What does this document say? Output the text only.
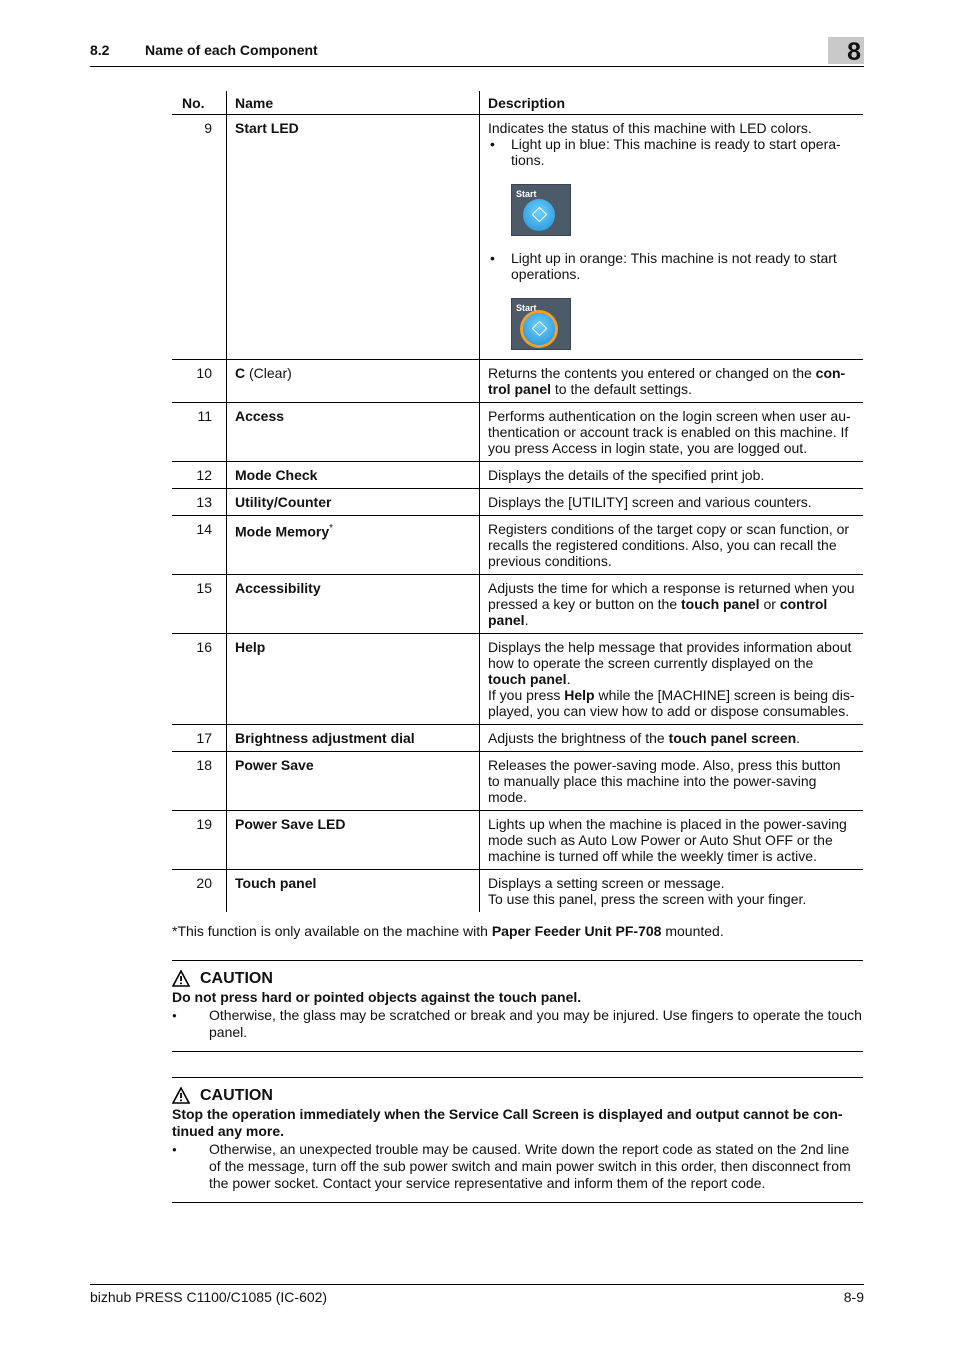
8.2	Name of each Component	8
No.	Name	Description
9	Start LED	Indicates the status of this machine with LED colors.
• Light up in blue: This machine is ready to start opera-tions.
Start
• Light up in orange: This machine is not ready to start operations.
Start

10	C (Clear)	Returns the contents you entered or changed on the con-trol panel to the default settings.
11	Access	Performs authentication on the login screen when user au-thentication or account track is enabled on this machine. If you press Access in login state, you are logged out.
12	Mode Check	Displays the details of the specified print job.
13	Utility/Counter	Displays the [UTILITY] screen and various counters.
14	Mode Memory*	Registers conditions of the target copy or scan function, or recalls the registered conditions. Also, you can recall the previous conditions.
15	Accessibility	Adjusts the time for which a response is returned when you pressed a key or button on the touch panel or control panel.
16	Help	Displays the help message that provides information about how to operate the screen currently displayed on the touch panel.
If you press Help while the [MACHINE] screen is being dis-played, you can view how to add or dispose consumables.

17	Brightness adjustment dial	Adjusts the brightness of the touch panel screen.
18	Power Save	Releases the power-saving mode. Also, press this button to manually place this machine into the power-saving mode.
19	Power Save LED	Lights up when the machine is placed in the power-saving mode such as Auto Low Power or Auto Shut OFF or the machine is turned off while the weekly timer is active.
20	Touch panel	Displays a setting screen or message.
To use this panel, press the screen with your finger.
*This function is only available on the machine with Paper Feeder Unit PF-708 mounted.
CAUTION
Do not press hard or pointed objects against the touch panel.
● Otherwise, the glass may be scratched or break and you may be injured. Use fingers to operate the touch panel.
CAUTION
Stop the operation immediately when the Service Call Screen is displayed and output cannot be con-tinued any more.
● Otherwise, an unexpected trouble may be caused. Write down the report code as stated on the 2nd line of the message, turn off the sub power switch and main power switch in this order, then disconnect from the power socket. Contact your service representative and inform them of the report code.
bizhub PRESS C1100/C1085 (IC-602)	8-9
